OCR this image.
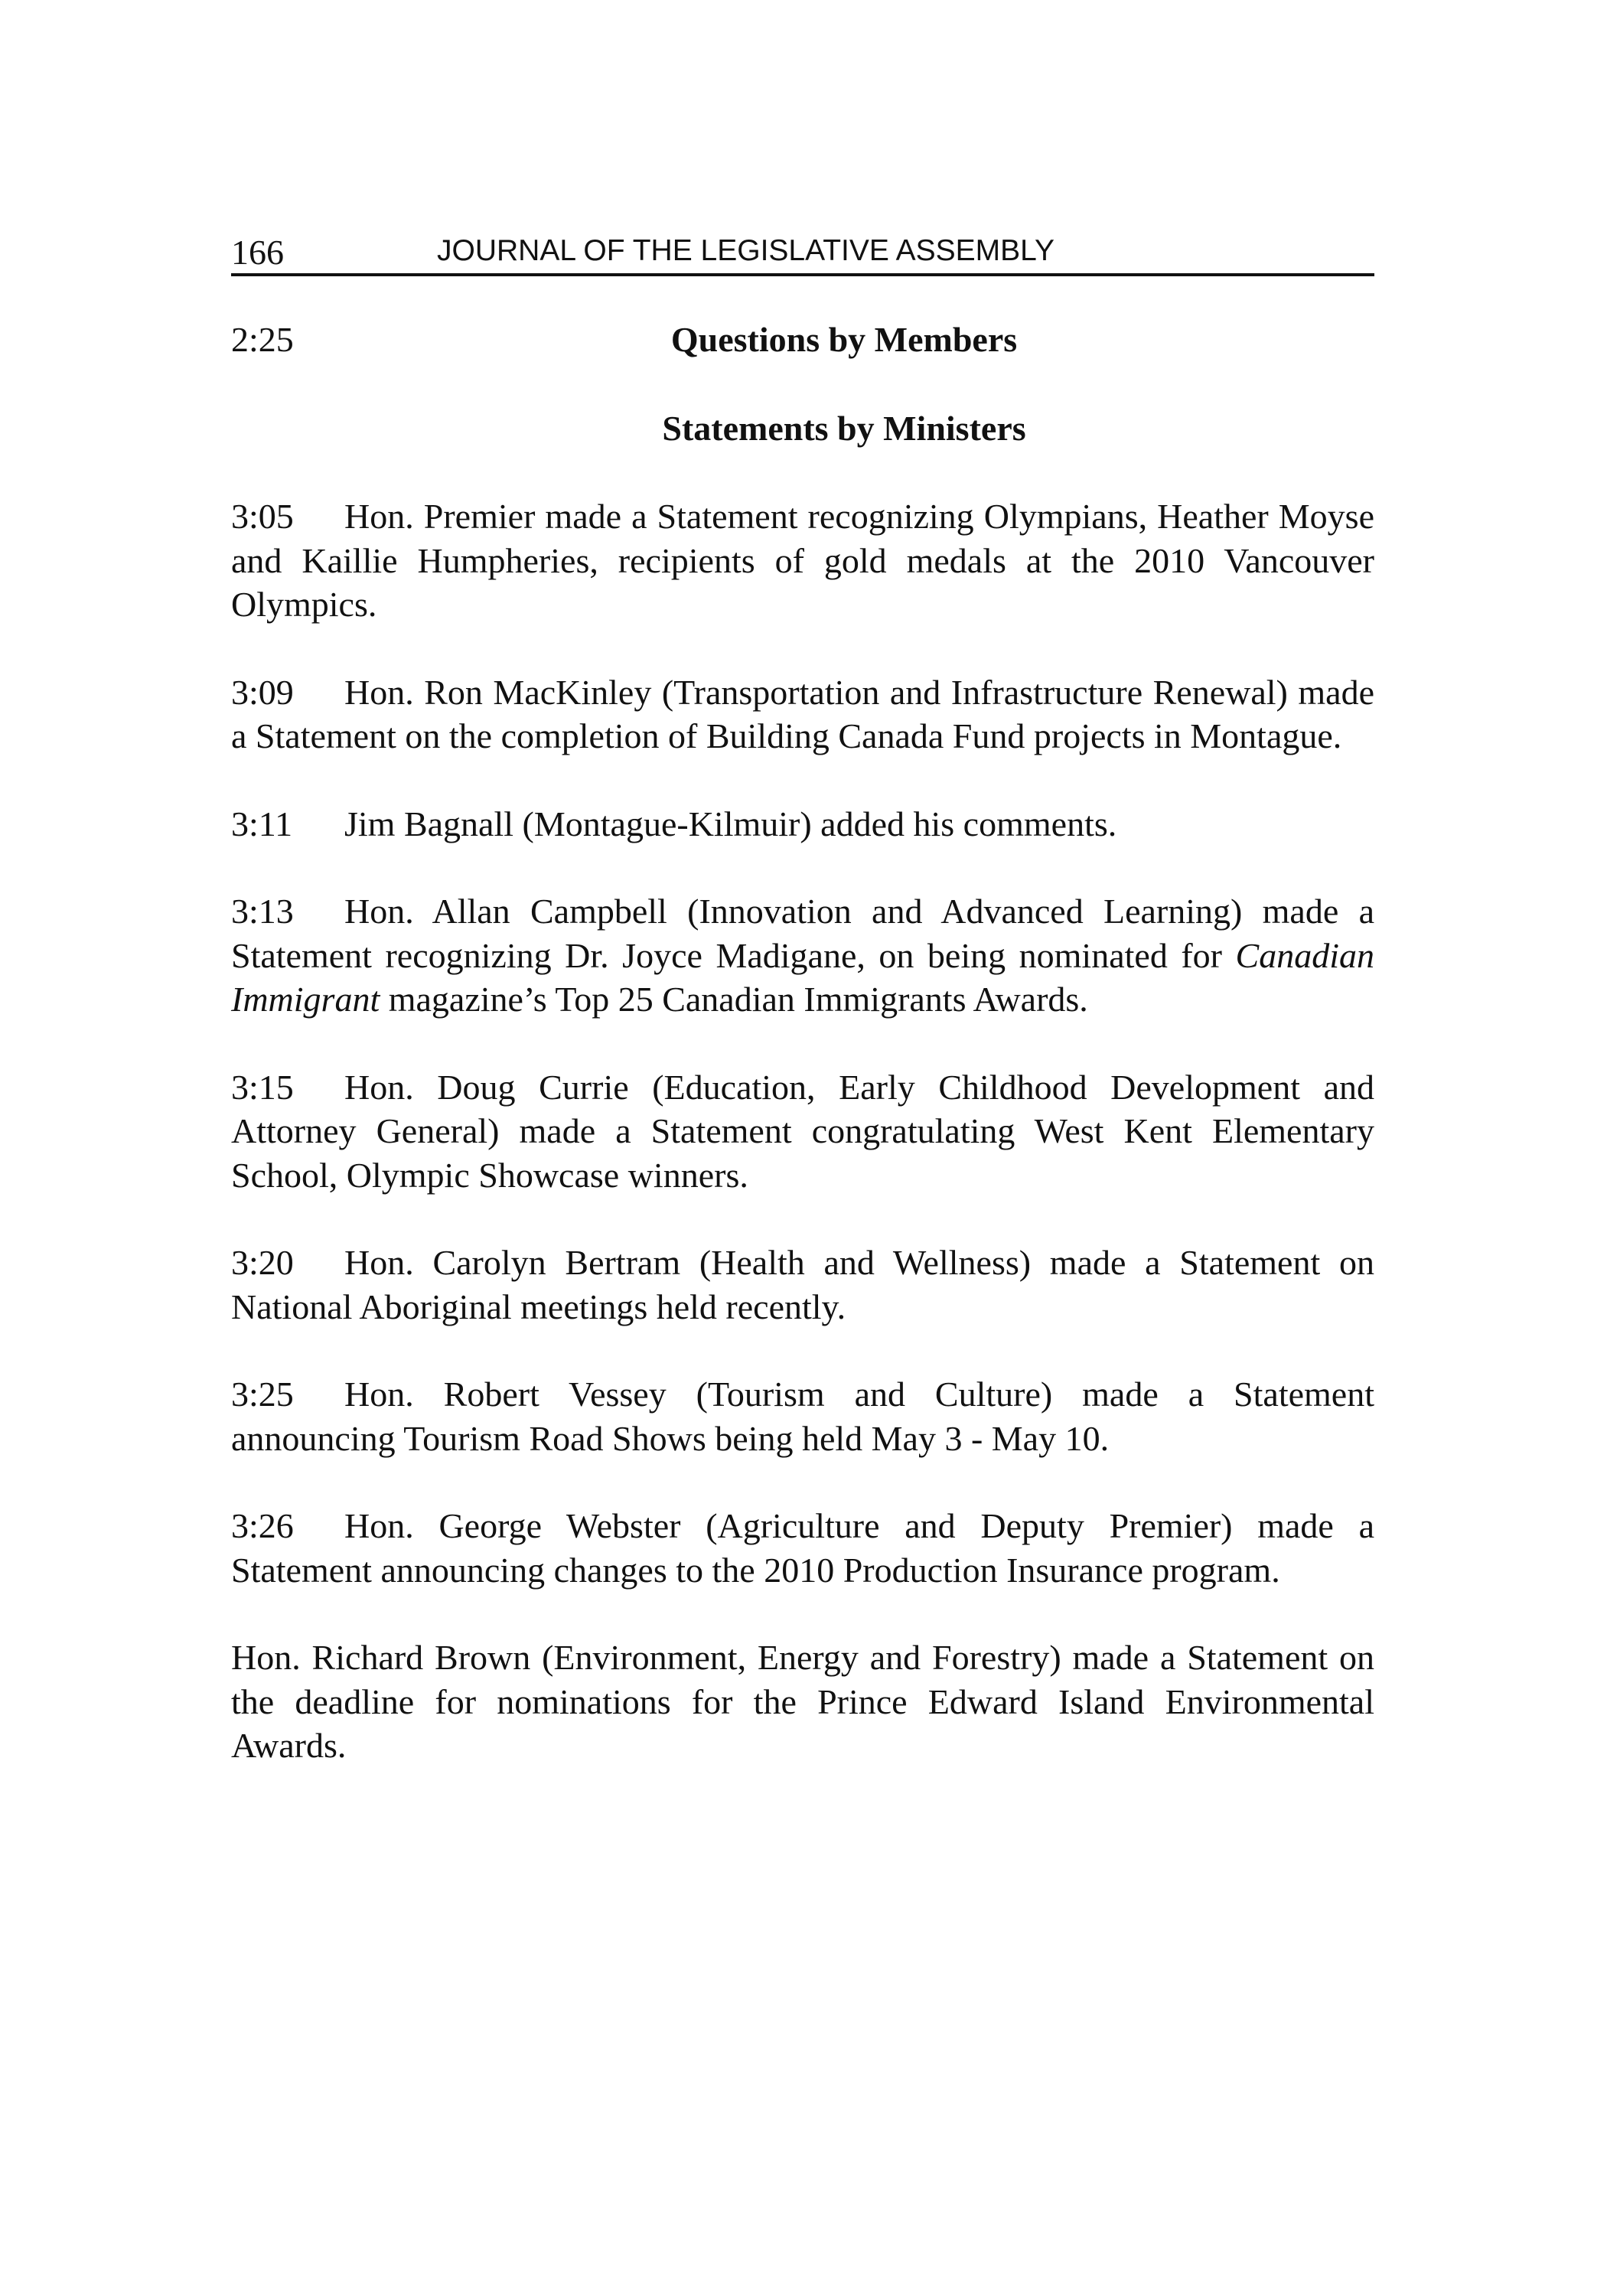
166	JOURNAL OF THE LEGISLATIVE ASSEMBLY
2:25	Questions by Members
Statements by Ministers

3:05 Hon. Premier made a Statement recognizing Olympians, Heather Moyse and Kaillie Humpheries, recipients of gold medals at the 2010 Vancouver Olympics.

3:09 Hon. Ron MacKinley (Transportation and Infrastructure Renewal) made a Statement on the completion of Building Canada Fund projects in Montague.

3:11 Jim Bagnall (Montague-Kilmuir) added his comments.

3:13 Hon. Allan Campbell (Innovation and Advanced Learning) made a Statement recognizing Dr. Joyce Madigane, on being nominated for Canadian Immigrant magazine’s Top 25 Canadian Immigrants Awards.

3:15 Hon. Doug Currie (Education, Early Childhood Development and Attorney General) made a Statement congratulating West Kent Elementary School, Olympic Showcase winners.

3:20 Hon. Carolyn Bertram (Health and Wellness) made a Statement on National Aboriginal meetings held recently.

3:25 Hon. Robert Vessey (Tourism and Culture) made a Statement announcing Tourism Road Shows being held May 3 - May 10.

3:26 Hon. George Webster (Agriculture and Deputy Premier) made a Statement announcing changes to the 2010 Production Insurance program.

Hon. Richard Brown (Environment, Energy and Forestry) made a Statement on the deadline for nominations for the Prince Edward Island Environmental Awards.
